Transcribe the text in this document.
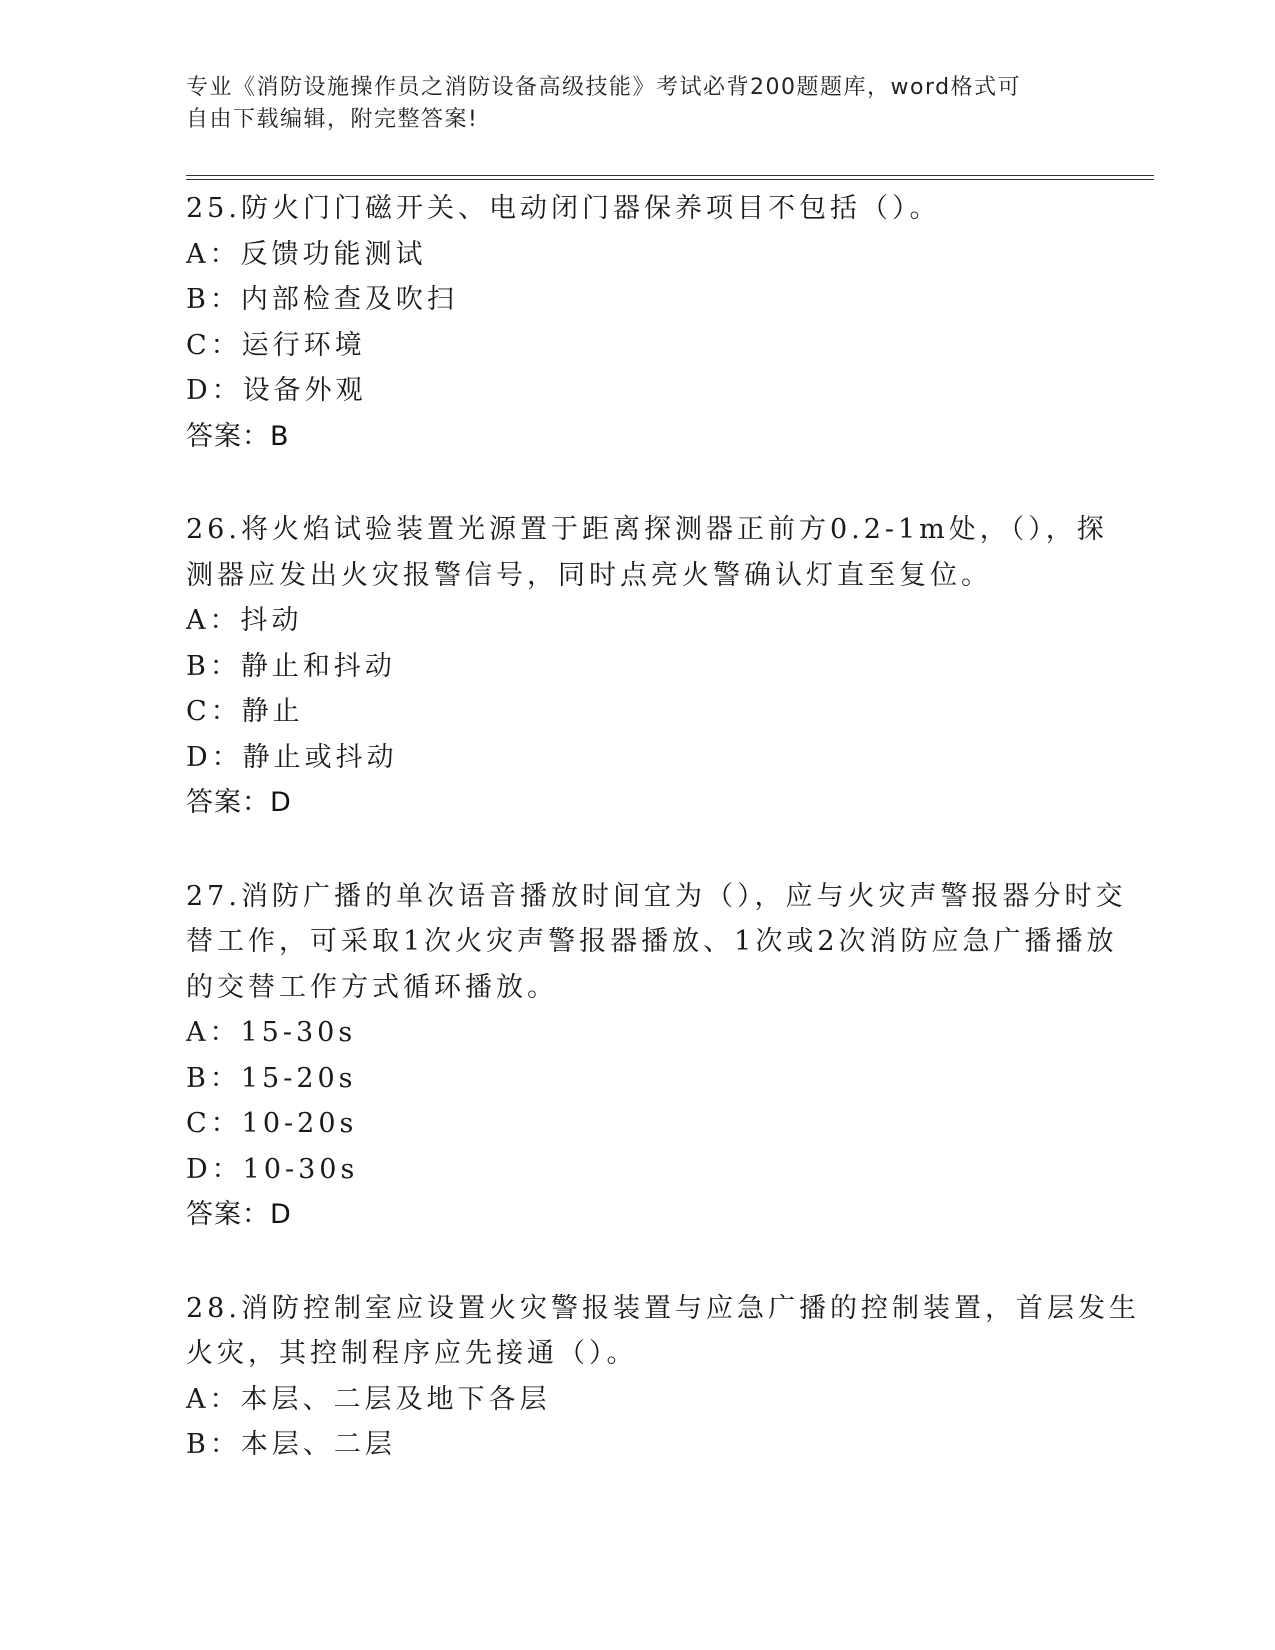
专业《消防设施操作员之消防设备高级技能》考试必背200题题库，word格式可
自由下载编辑，附完整答案!
25.防火门门磁开关、电动闭门器保养项目不包括（）。
A：反馈功能测试
B：内部检查及吹扫
C：运行环境
D：设备外观
答案：B
26.将火焰试验装置光源置于距离探测器正前方0.2-1m处，（），探
测器应发出火灾报警信号，同时点亮火警确认灯直至复位。
A：抖动
B：静止和抖动
C：静止
D：静止或抖动
答案：D
27.消防广播的单次语音播放时间宜为（），应与火灾声警报器分时交
替工作，可采取1次火灾声警报器播放、1次或2次消防应急广播播放
的交替工作方式循环播放。
A：15-30s
B：15-20s
C：10-20s
D：10-30s
答案：D
28.消防控制室应设置火灾警报装置与应急广播的控制装置，首层发生
火灾，其控制程序应先接通（）。
A：本层、二层及地下各层
B：本层、二层
